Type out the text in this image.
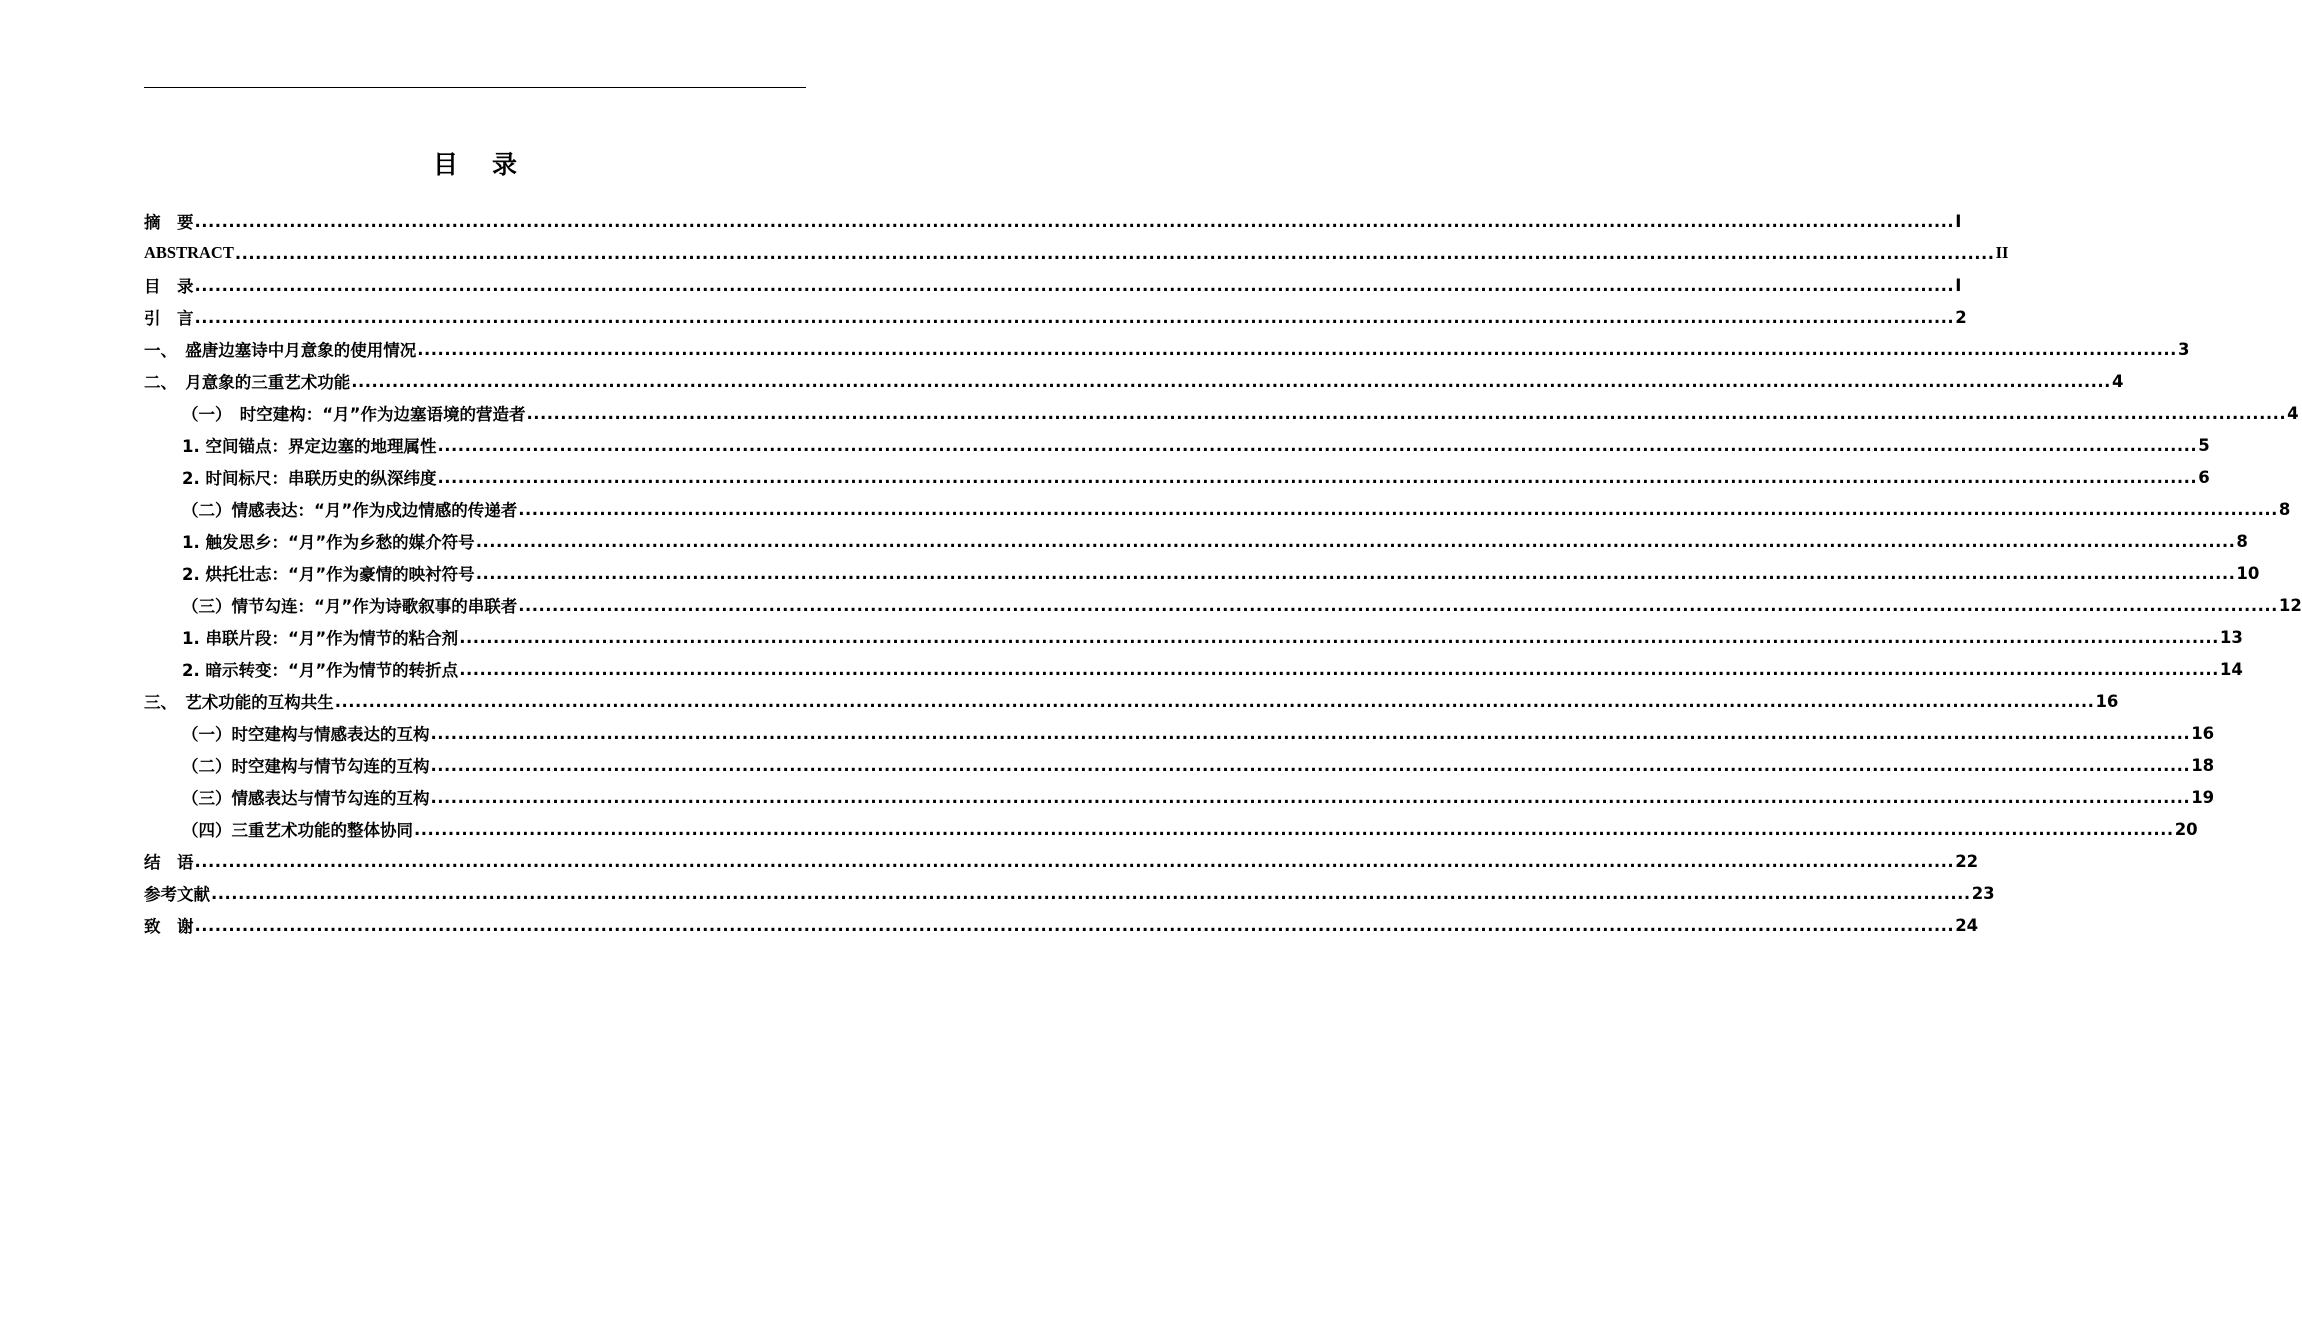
目 录
摘　要 .................................................................................................................................................................................................................................................................... I
ABSTRACT .................................................................................................................................................................................................................................................................... II
目　录 .................................................................................................................................................................................................................................................................... I
引　言 .................................................................................................................................................................................................................................................................... 2
一、　盛唐边塞诗中月意象的使用情况 .................................................................................................................................................................................................................................................................... 3
二、　月意象的三重艺术功能 .................................................................................................................................................................................................................................................................... 4
（一）　时空建构：“月”作为边塞语境的营造者 .................................................................................................................................................................................................................................................................... 4
1. 空间锚点：界定边塞的地理属性 .................................................................................................................................................................................................................................................................... 5
2. 时间标尺：串联历史的纵深纬度 .................................................................................................................................................................................................................................................................... 6
（二）情感表达：“月”作为戍边情感的传递者 .................................................................................................................................................................................................................................................................... 8
1. 触发思乡：“月”作为乡愁的媒介符号 .................................................................................................................................................................................................................................................................... 8
2. 烘托壮志：“月”作为豪情的映衬符号 .................................................................................................................................................................................................................................................................... 10
（三）情节勾连：“月”作为诗歌叙事的串联者 .................................................................................................................................................................................................................................................................... 12
1. 串联片段：“月”作为情节的粘合剂 .................................................................................................................................................................................................................................................................... 13
2. 暗示转变：“月”作为情节的转折点 .................................................................................................................................................................................................................................................................... 14
三、　艺术功能的互构共生 .................................................................................................................................................................................................................................................................... 16
（一）时空建构与情感表达的互构 .................................................................................................................................................................................................................................................................... 16
（二）时空建构与情节勾连的互构 .................................................................................................................................................................................................................................................................... 18
（三）情感表达与情节勾连的互构 .................................................................................................................................................................................................................................................................... 19
（四）三重艺术功能的整体协同 .................................................................................................................................................................................................................................................................... 20
结　语 .................................................................................................................................................................................................................................................................... 22
参考文献 .................................................................................................................................................................................................................................................................... 23
致　谢 .................................................................................................................................................................................................................................................................... 24
